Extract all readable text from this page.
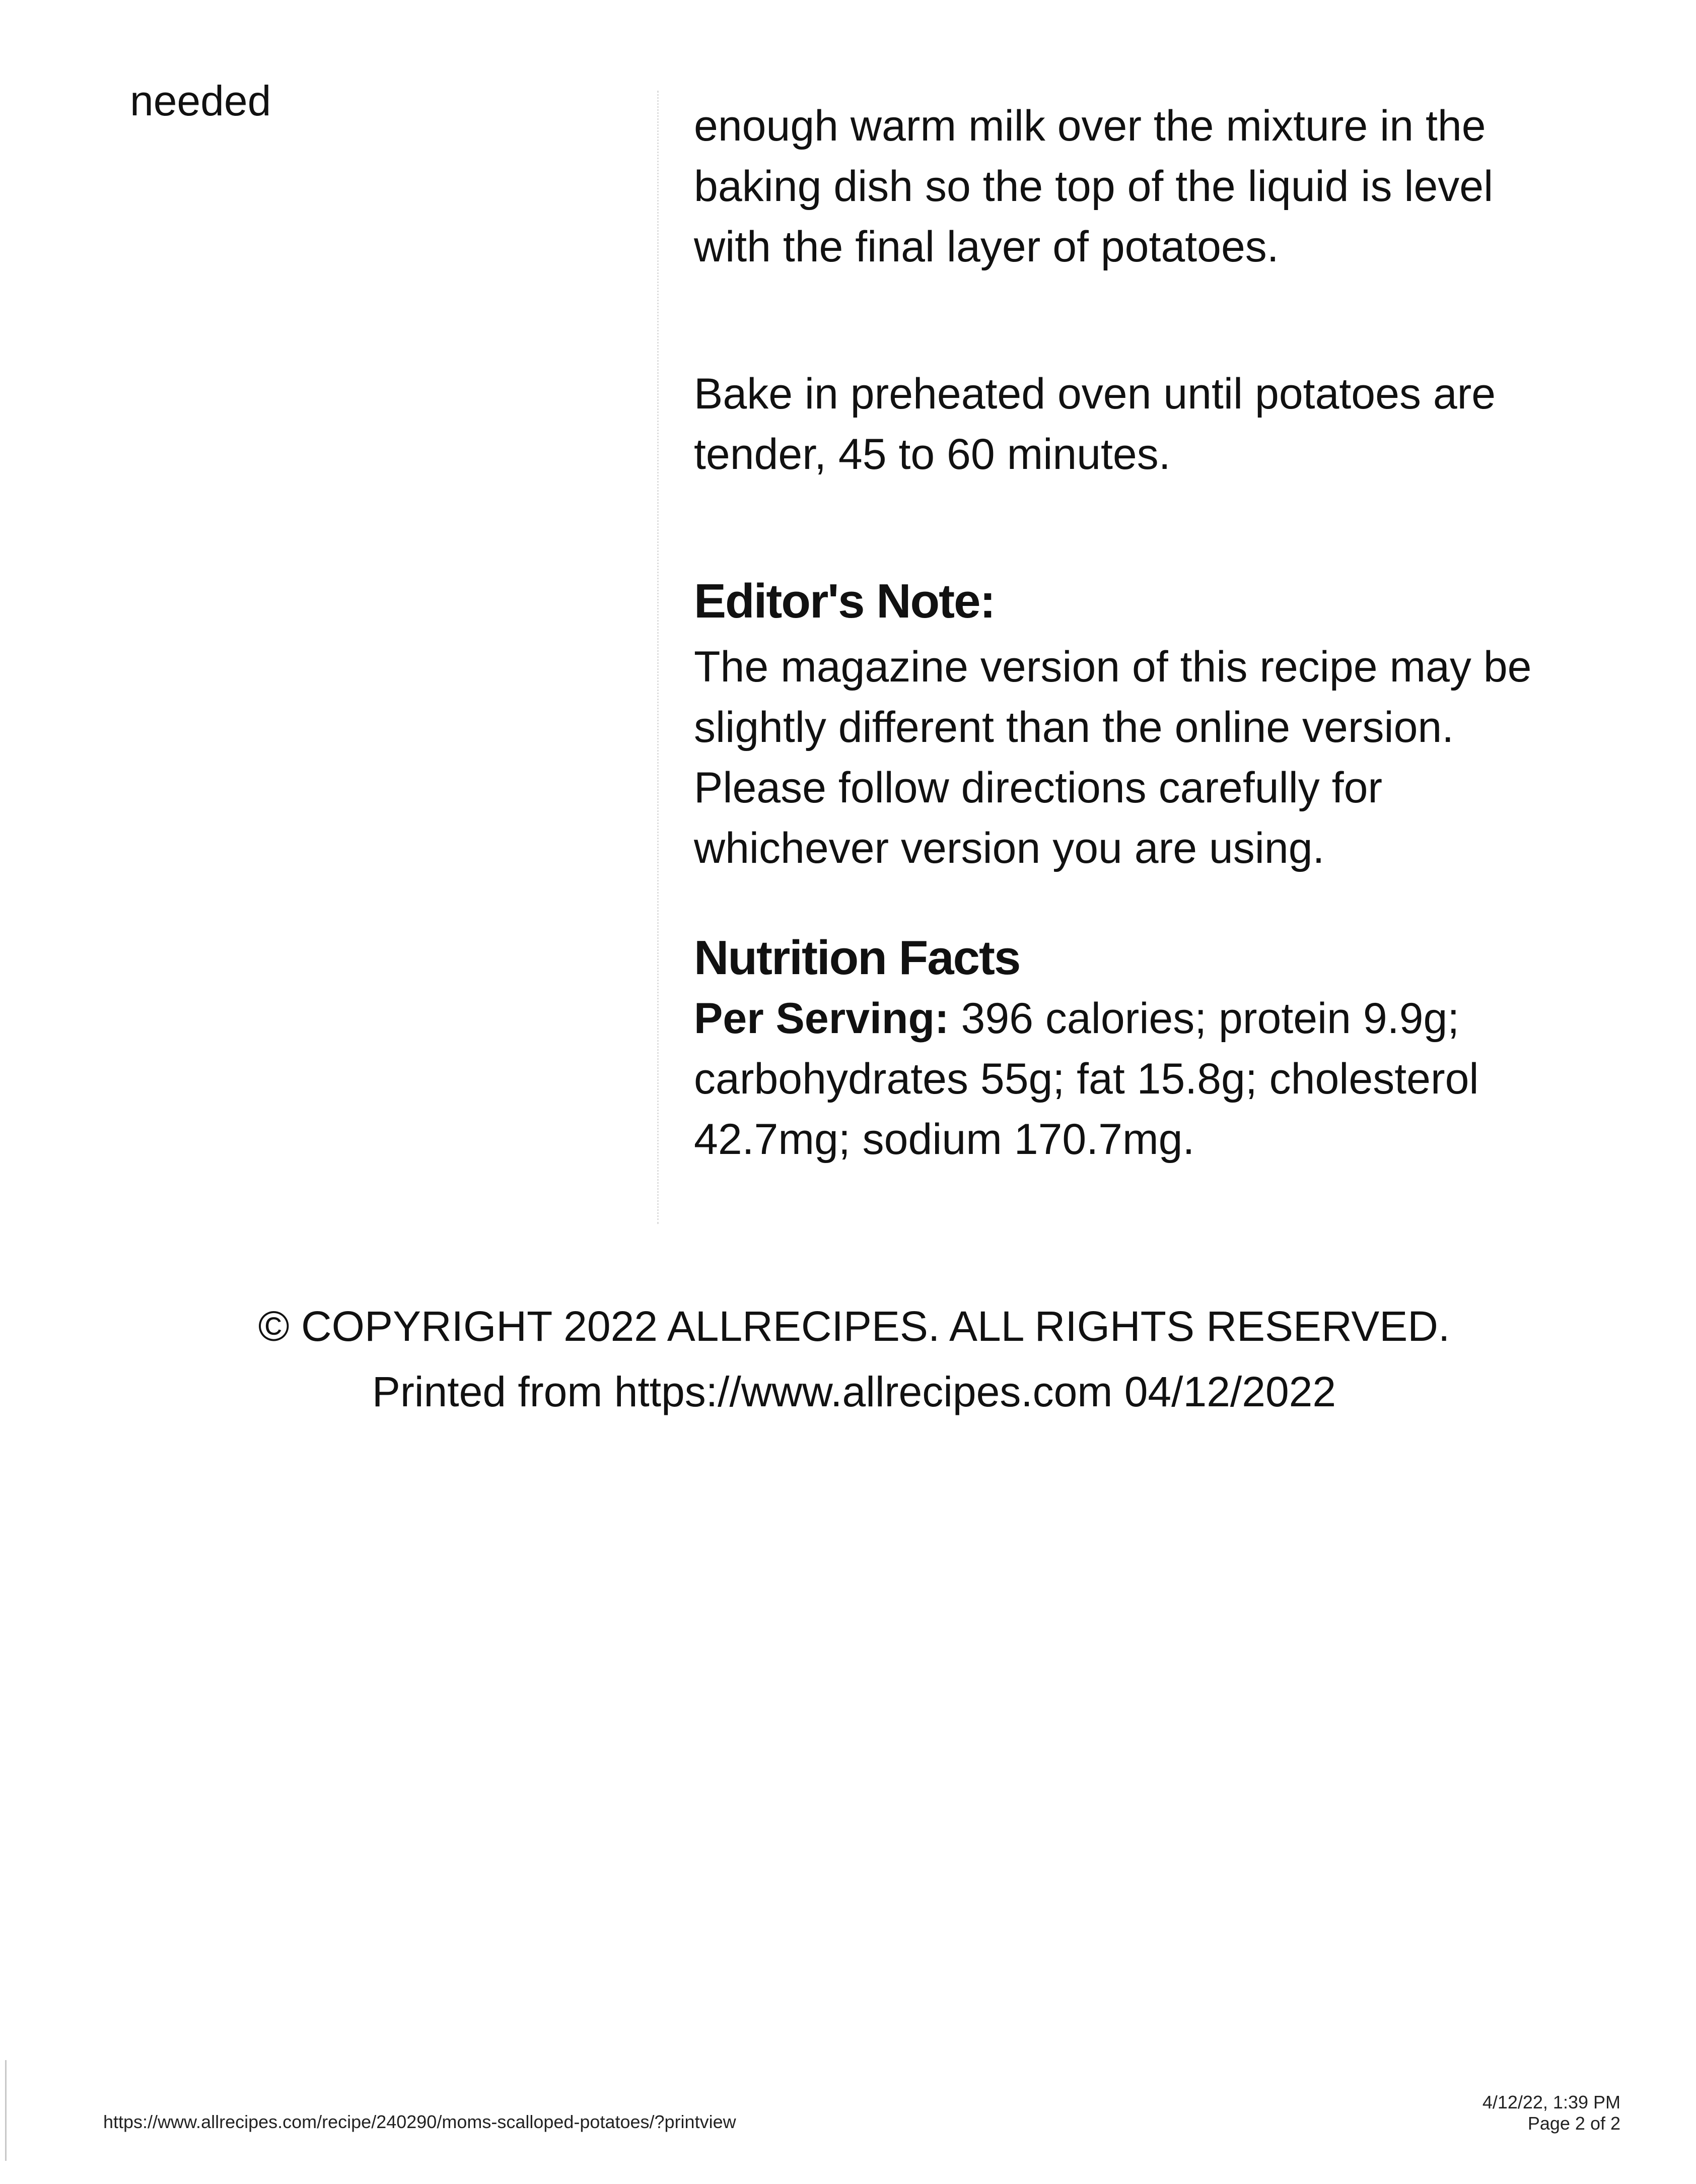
needed

enough warm milk over the mixture in the baking dish so the top of the liquid is level with the final layer of potatoes.

Bake in preheated oven until potatoes are tender, 45 to 60 minutes.

Editor's Note:

The magazine version of this recipe may be slightly different than the online version. Please follow directions carefully for whichever version you are using.

Nutrition Facts

Per Serving: 396 calories; protein 9.9g; carbohydrates 55g; fat 15.8g; cholesterol 42.7mg; sodium 170.7mg.

© COPYRIGHT 2022 ALLRECIPES. ALL RIGHTS RESERVED.
Printed from https://www.allrecipes.com 04/12/2022
https://www.allrecipes.com/recipe/240290/moms-scalloped-potatoes/?printview
4/12/22, 1:39 PM
Page 2 of 2
